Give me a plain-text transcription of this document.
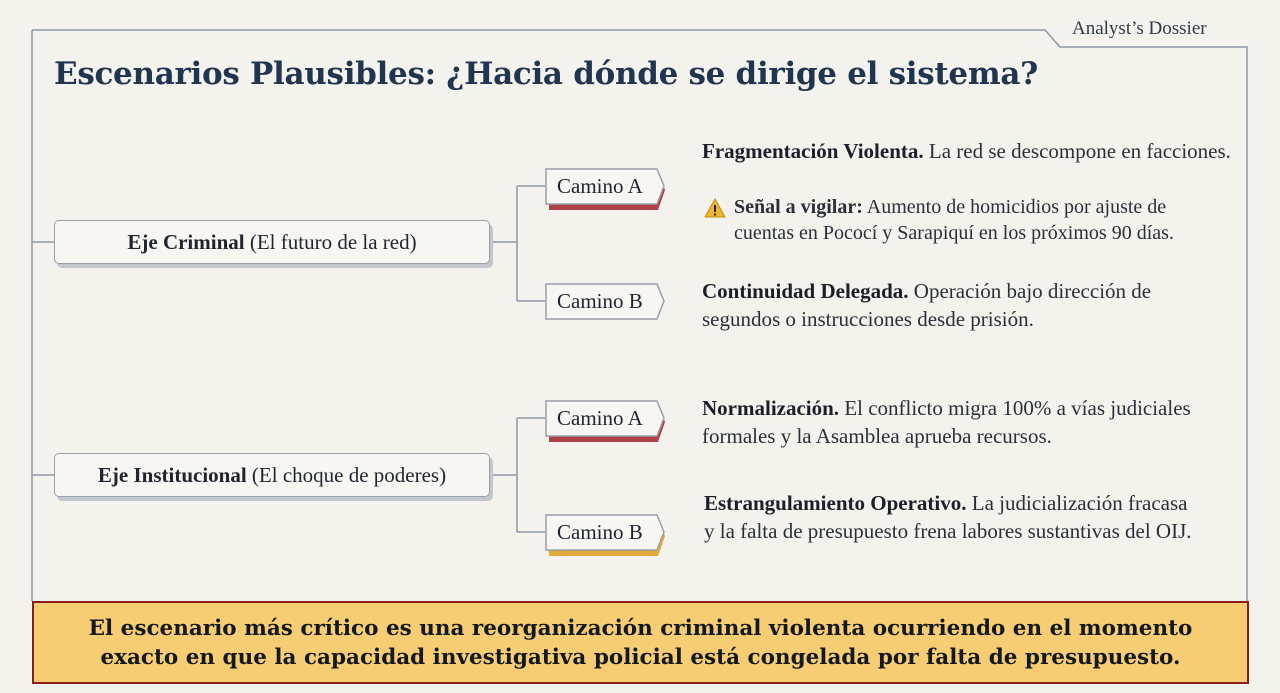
Analyst’s Dossier
Escenarios Plausibles: ¿Hacia dónde se dirige el sistema?
Eje Criminal
(El futuro de la red)
Camino A
Camino B
Fragmentación Violenta. La red se descompone en facciones.
Señal a vigilar: Aumento de homicidios por ajuste de cuentas en Pococí y Sarapiquí en los próximos 90 días.
Continuidad Delegada. Operación bajo dirección de segundos o instrucciones desde prisión.
Eje Institucional
(El choque de poderes)
Camino A
Camino B
Normalización. El conflicto migra 100% a vías judiciales formales y la Asamblea aprueba recursos.
Estrangulamiento Operativo. La judicialización fracasa y la falta de presupuesto frena labores sustantivas del OIJ.
El escenario más crítico es una reorganización criminal violenta ocurriendo en el momento exacto en que la capacidad investigativa policial está congelada por falta de presupuesto.
